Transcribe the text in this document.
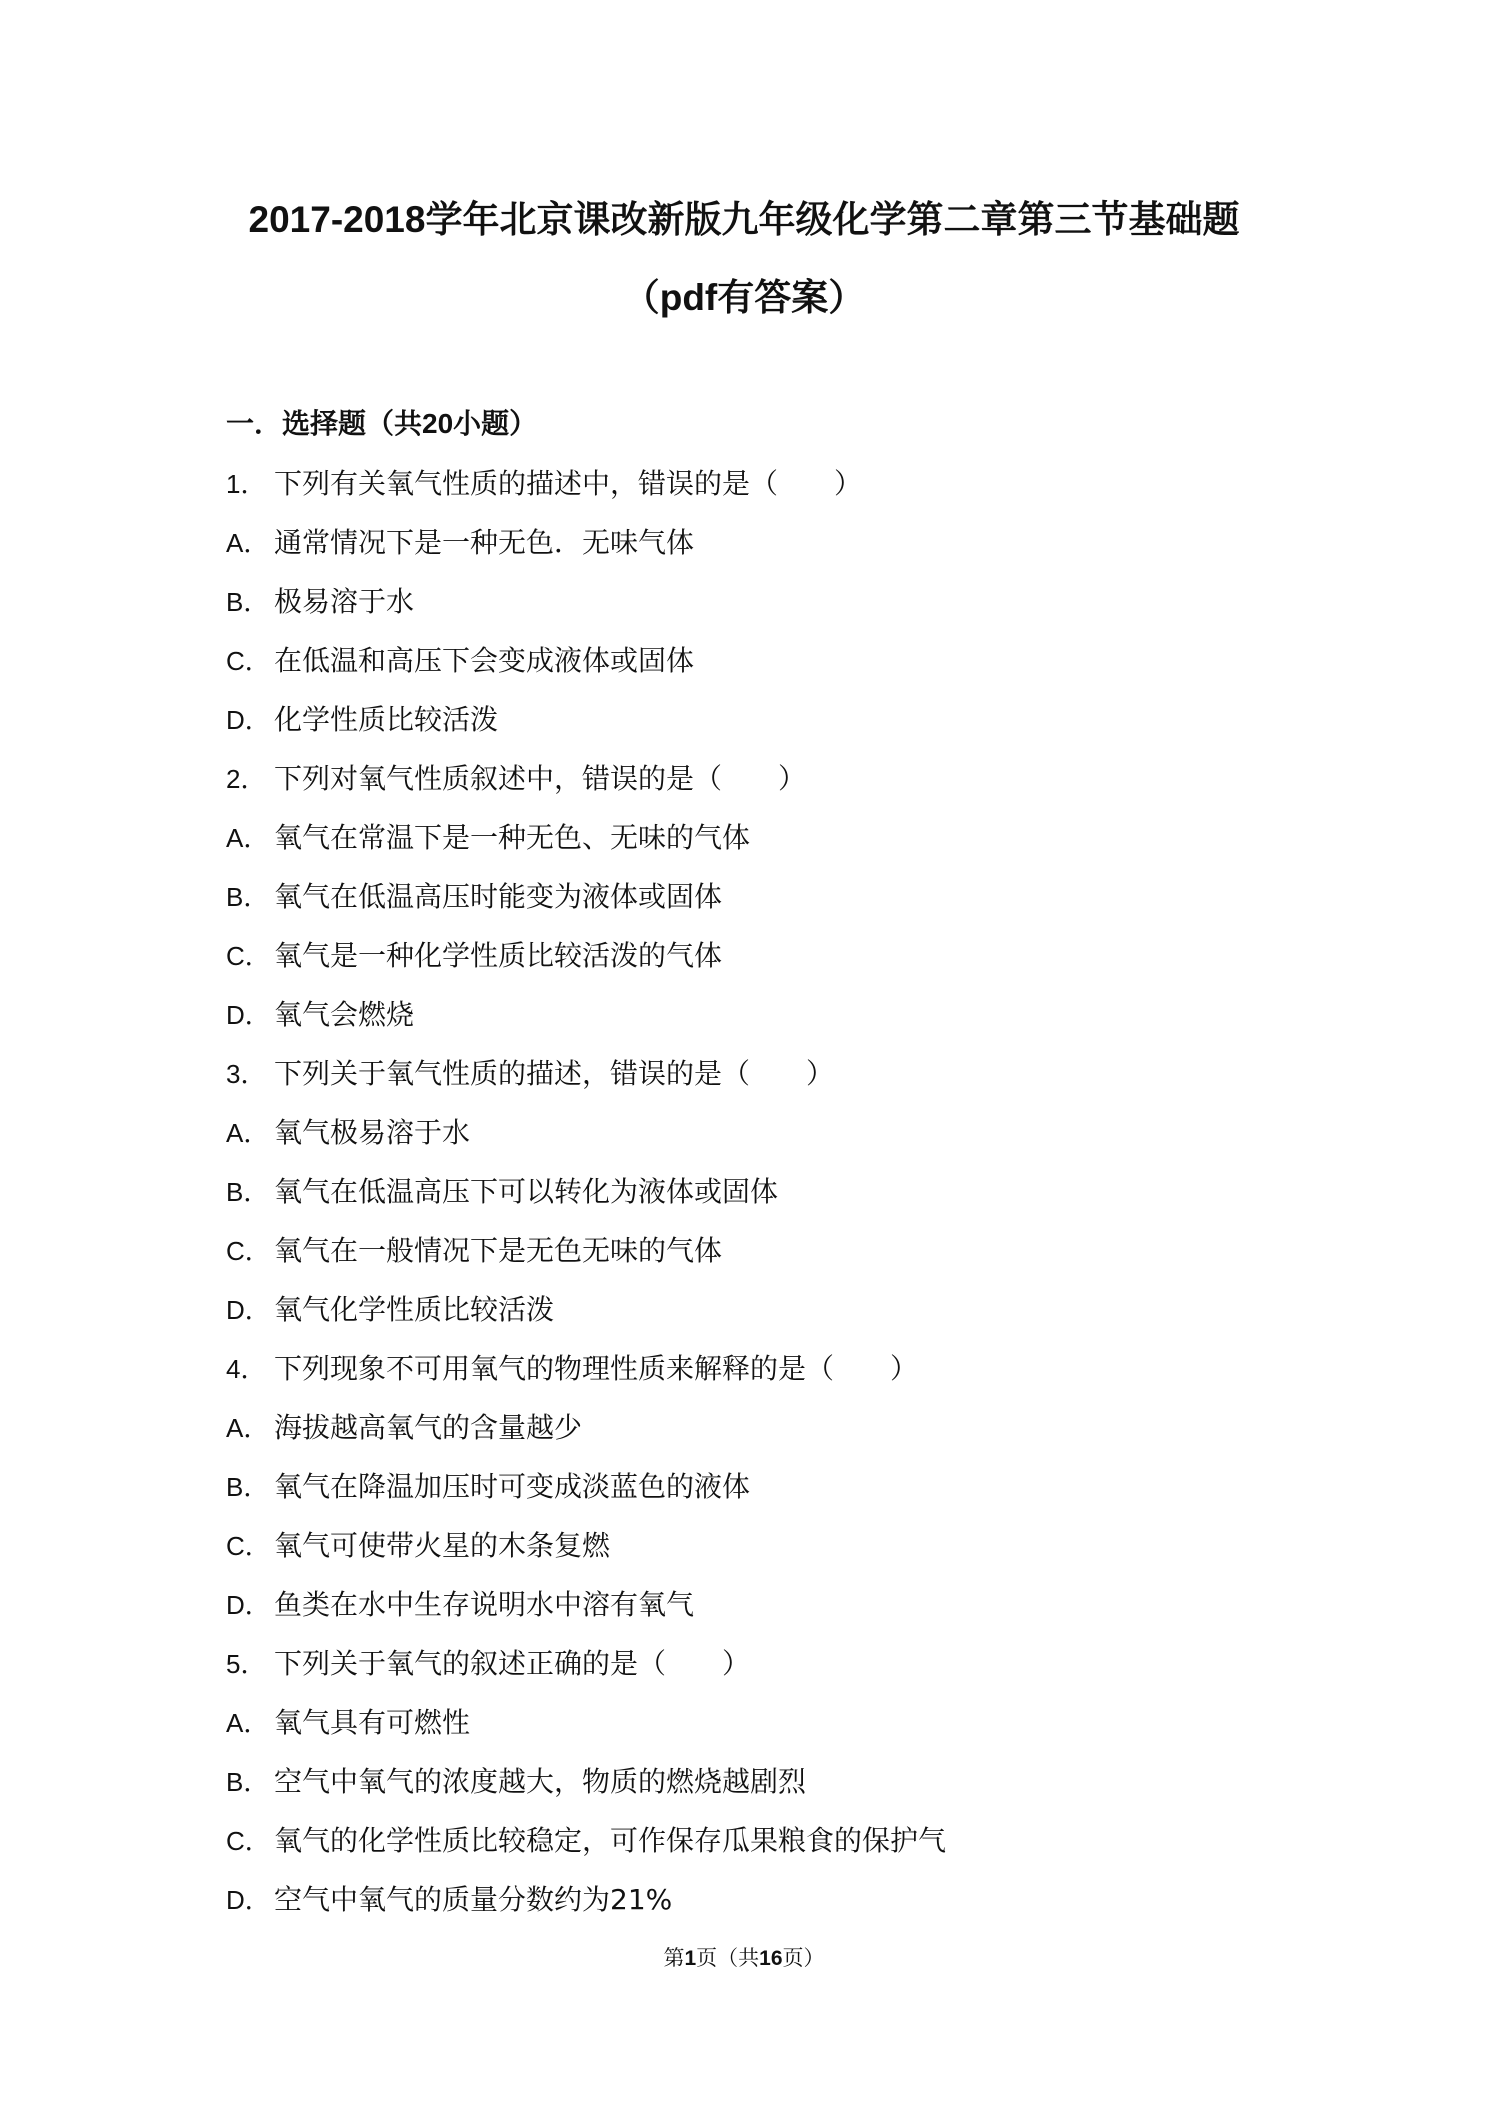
2017-2018学年北京课改新版九年级化学第二章第三节基础题
（pdf有答案）
一．选择题（共20小题）
1． 下列有关氧气性质的描述中，错误的是（　　）
A． 通常情况下是一种无色．无味气体
B． 极易溶于水
C． 在低温和高压下会变成液体或固体
D． 化学性质比较活泼
2． 下列对氧气性质叙述中，错误的是（　　）
A． 氧气在常温下是一种无色、无味的气体
B． 氧气在低温高压时能变为液体或固体
C． 氧气是一种化学性质比较活泼的气体
D． 氧气会燃烧
3． 下列关于氧气性质的描述，错误的是（　　）
A． 氧气极易溶于水
B． 氧气在低温高压下可以转化为液体或固体
C． 氧气在一般情况下是无色无味的气体
D． 氧气化学性质比较活泼
4． 下列现象不可用氧气的物理性质来解释的是（　　）
A． 海拔越高氧气的含量越少
B． 氧气在降温加压时可变成淡蓝色的液体
C． 氧气可使带火星的木条复燃
D． 鱼类在水中生存说明水中溶有氧气
5． 下列关于氧气的叙述正确的是（　　）
A． 氧气具有可燃性
B． 空气中氧气的浓度越大，物质的燃烧越剧烈
C． 氧气的化学性质比较稳定，可作保存瓜果粮食的保护气
D． 空气中氧气的质量分数约为21%
第1页（共16页）
